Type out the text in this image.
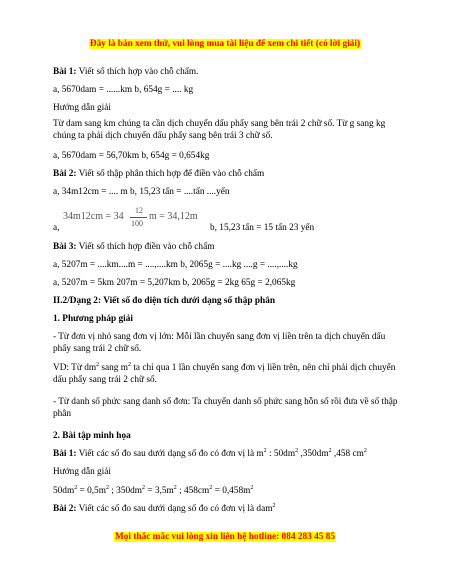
Đây là bản xem thử, vui lòng mua tài liệu để xem chi tiết (có lời giải)

Bài 1: Viết số thích hợp vào chỗ chấm.

a, 5670dam = ......km b, 654g = .... kg

Hướng dẫn giải

Từ dam sang km chúng ta cần dịch chuyển dấu phẩy sang bên trái 2 chữ số. Từ g sang kg chúng ta phải dịch chuyển dấu phẩy sang bên trái 3 chữ số.

a, 5670dam = 56,70km b, 654g = 0,654kg

Bài 2: Viết số thập phân thích hợp để điền vào chỗ chấm

a, 34m12cm = .... m b, 15,23 tấn = ....tấn ....yến

34m12cm = 34
12
100
m = 34,12m

a,	b, 15,23 tấn = 15 tấn 23 yến

Bài 3: Viết số thích hợp điền vào chỗ chấm

a, 5207m = ....km....m = ....,....km b, 2065g = ....kg ....g = ....,....kg

a, 5207m = 5km 207m = 5,207km b, 2065g = 2kg 65g = 2,065kg

II.2/Dạng 2: Viết số đo diện tích dưới dạng số thập phân

1. Phương pháp giải

- Từ đơn vị nhỏ sang đơn vị lớn: Mỗi lần chuyển sang đơn vị liền trên ta dịch chuyển dấu phẩy sang trái 2 chữ số.

VD: Từ $dm^2$ sang $m^2$ ta chỉ qua 1 lần chuyển sang đơn vị liền trên, nên chỉ phải dịch chuyển dấu phẩy sang trái 2 chữ số.

- Từ danh số phức sang danh số đơn: Ta chuyển danh số phức sang hỗn số rồi đưa về số thập phân

2. Bài tập minh họa

Bài 1: Viết các số đo sau dưới dạng số đo có đơn vị là $m^2$ : $50dm^2$ $,350dm^2$ ,458 $cm^2$

Hướng dẫn giải

$50dm^2 = 0,5m^2$ ; $350dm^2 = 3,5m^2$ ; $458cm^2 = 0,458m^2$

Bài 2: Viết các số đo sau dưới dạng số đo có đơn vị là dam$^2$

Mọi thắc mắc vui lòng xin liên hệ hotline: 084 283 45 85
